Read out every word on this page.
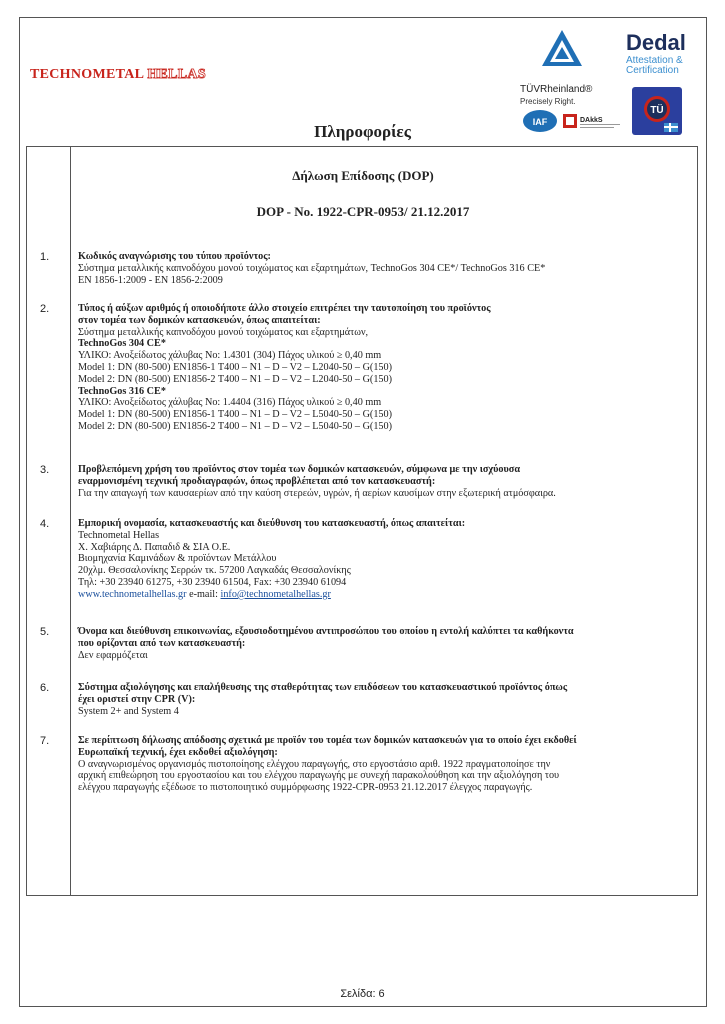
TECHNOMETAL HELLAS
TÜVRheinland®
Precisely Right.
IAF	DAkkS
Dedal
Attestation &
Certification
TÜ
Πληροφορίες
Δήλωση Επίδοσης (DOP)
DOP - No. 1922-CPR-0953/ 21.12.2017
1.	Κωδικός αναγνώρισης του τύπου προϊόντος:
Σύστημα μεταλλικής καπνοδόχου μονού τοιχώματος και εξαρτημάτων, TechnoGos 304 CE*/ TechnoGos 316 CE*
EN 1856-1:2009 - EN 1856-2:2009
2.	Τύπος ή αύξων αριθμός ή οποιοδήποτε άλλο στοιχείο επιτρέπει την ταυτοποίηση του προϊόντος
στον τομέα των δομικών κατασκευών, όπως απαιτείται:
Σύστημα μεταλλικής καπνοδόχου μονού τοιχώματος και εξαρτημάτων,
TechnoGos 304 CE*
ΥΛΙΚΟ: Ανοξείδωτος χάλυβας No: 1.4301 (304) Πάχος υλικού ≥ 0,40 mm
Model 1: DN (80-500) EN1856-1 T400 – N1 – D – V2 – L2040-50 – G(150)
Model 2: DN (80-500) EN1856-2 T400 – N1 – D – V2 – L2040-50 – G(150)
TechnoGos 316 CE*
ΥΛΙΚΟ: Ανοξείδωτος χάλυβας No: 1.4404 (316) Πάχος υλικού ≥ 0,40 mm
Model 1: DN (80-500) EN1856-1 T400 – N1 – D – V2 – L5040-50 – G(150)
Model 2: DN (80-500) EN1856-2 T400 – N1 – D – V2 – L5040-50 – G(150)
3.	Προβλεπόμενη χρήση του προϊόντος στον τομέα των δομικών κατασκευών, σύμφωνα με την ισχύουσα
εναρμονισμένη τεχνική προδιαγραφών, όπως προβλέπεται από τον κατασκευαστή:
Για την απαγωγή των καυσαερίων από την καύση στερεών, υγρών, ή αερίων καυσίμων στην εξωτερική ατμόσφαιρα.
4.	Εμπορική ονομασία, κατασκευαστής και διεύθυνση του κατασκευαστή, όπως απαιτείται:
Technometal Hellas
Χ. Χαβιάρης Δ. Παπαδιδ & ΣΙΑ Ο.Ε.
Βιομηχανία Καμινάδων & προϊόντων Μετάλλου
20χλμ. Θεσσαλονίκης Σερρών τκ. 57200 Λαγκαδάς Θεσσαλονίκης
Τηλ: +30 23940 61275, +30 23940 61504, Fax: +30 23940 61094
www.technometalhellas.gr e-mail: info@technometalhellas.gr
5.	Όνομα και διεύθυνση επικοινωνίας, εξουσιοδοτημένου αντιπροσώπου του οποίου η εντολή καλύπτει τα καθήκοντα
που ορίζονται από των κατασκευαστή:
Δεν εφαρμόζεται
6.	Σύστημα αξιολόγησης και επαλήθευσης της σταθερότητας των επιδόσεων του κατασκευαστικού προϊόντος όπως
έχει οριστεί στην CPR (V):
System 2+ and System 4
7.	Σε περίπτωση δήλωσης απόδοσης σχετικά με προϊόν του τομέα των δομικών κατασκευών για το οποίο έχει εκδοθεί
Ευρωπαϊκή τεχνική, έχει εκδοθεί αξιολόγηση:
Ο αναγνωρισμένος οργανισμός πιστοποίησης ελέγχου παραγωγής, στο εργοστάσιο αριθ. 1922 πραγματοποίησε την
αρχική επιθεώρηση του εργοστασίου και του ελέγχου παραγωγής με συνεχή παρακολούθηση και την αξιολόγηση του
ελέγχου παραγωγής εξέδωσε το πιστοποιητικό συμμόρφωσης 1922-CPR-0953 21.12.2017 έλεγχος παραγωγής.
Σελίδα: 6
